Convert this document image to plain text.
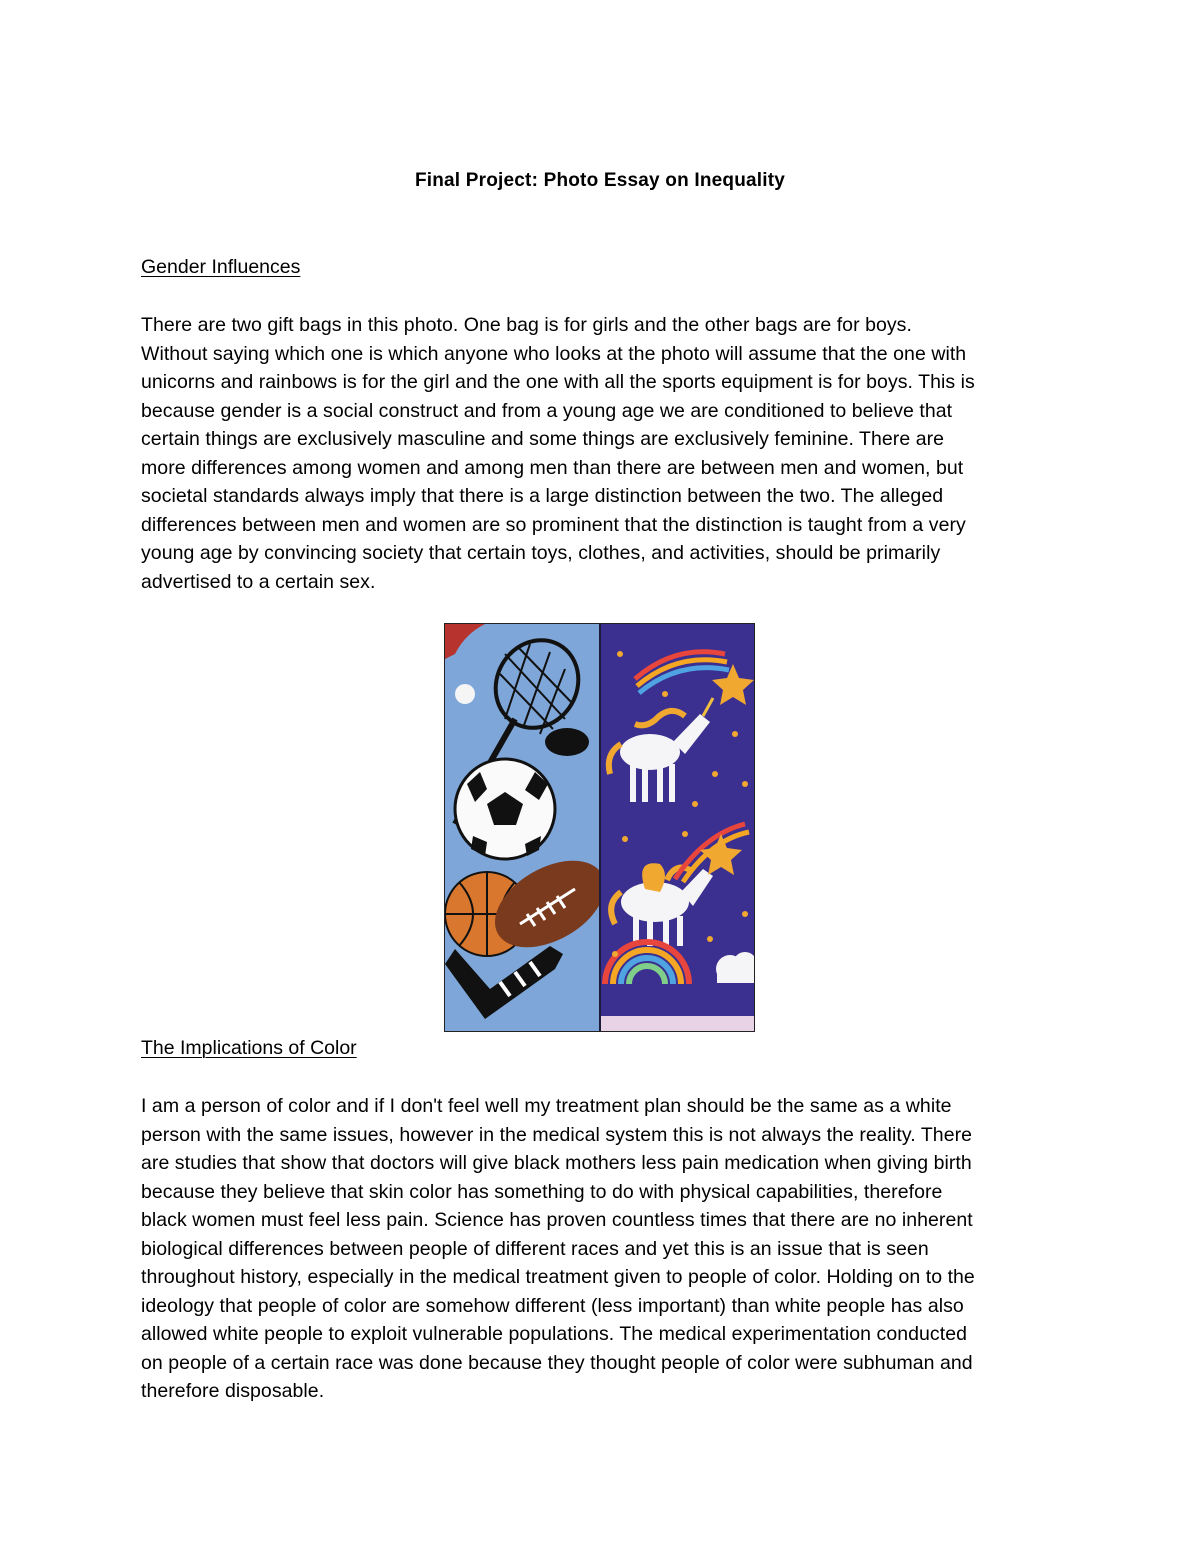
Final Project: Photo Essay on Inequality
Gender Influences

There are two gift bags in this photo. One bag is for girls and the other bags are for boys.
Without saying which one is which anyone who looks at the photo will assume that the one with
unicorns and rainbows is for the girl and the one with all the sports equipment is for boys. This is
because gender is a social construct and from a young age we are conditioned to believe that
certain things are exclusively masculine and some things are exclusively feminine. There are
more differences among women and among men than there are between men and women, but
societal standards always imply that there is a large distinction between the two. The alleged
differences between men and women are so prominent that the distinction is taught from a very
young age by convincing society that certain toys, clothes, and activities, should be primarily
advertised to a certain sex.

The Implications of Color

I am a person of color and if I don't feel well my treatment plan should be the same as a white
person with the same issues, however in the medical system this is not always the reality. There
are studies that show that doctors will give black mothers less pain medication when giving birth
because they believe that skin color has something to do with physical capabilities, therefore
black women must feel less pain. Science has proven countless times that there are no inherent
biological differences between people of different races and yet this is an issue that is seen
throughout history, especially in the medical treatment given to people of color. Holding on to the
ideology that people of color are somehow different (less important) than white people has also
allowed white people to exploit vulnerable populations. The medical experimentation conducted
on people of a certain race was done because they thought people of color were subhuman and
therefore disposable.
